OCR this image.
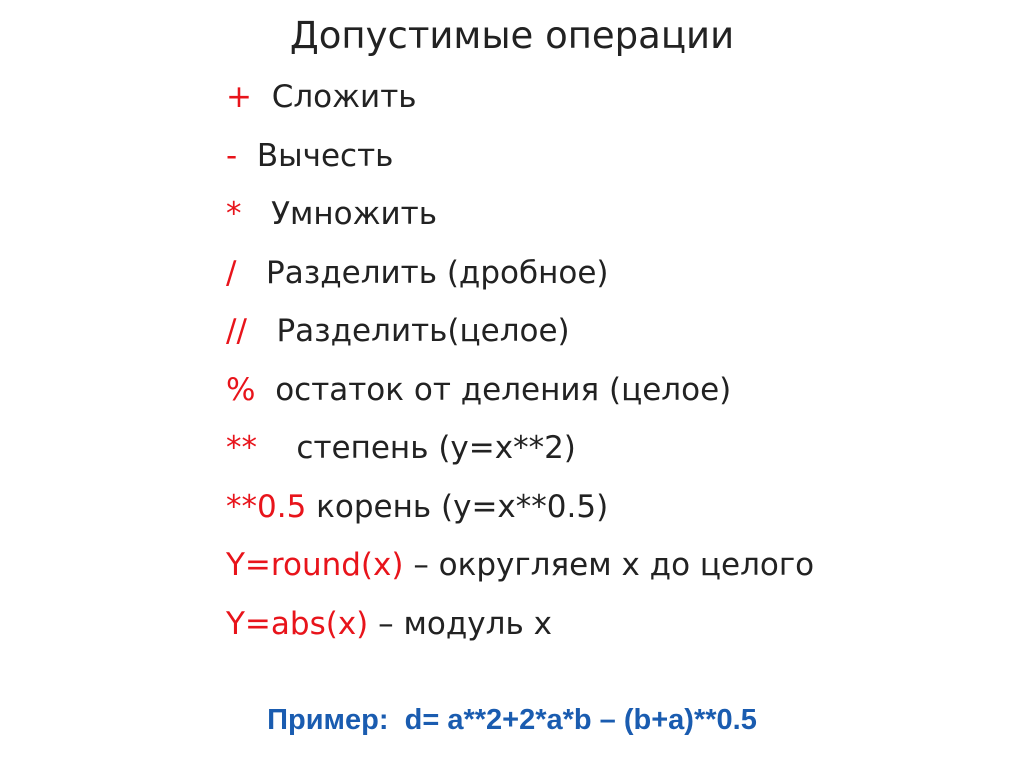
Допустимые операции
+ Сложить
- Вычесть
* Умножить
/ Разделить (дробное)
// Разделить(целое)
% остаток от деления (целое)
** степень (y=x**2)
**0.5 корень (y=x**0.5)
Y=round(x) – округляем x до целого
Y=abs(x) – модуль x
Пример: d= a**2+2*a*b – (b+a)**0.5
